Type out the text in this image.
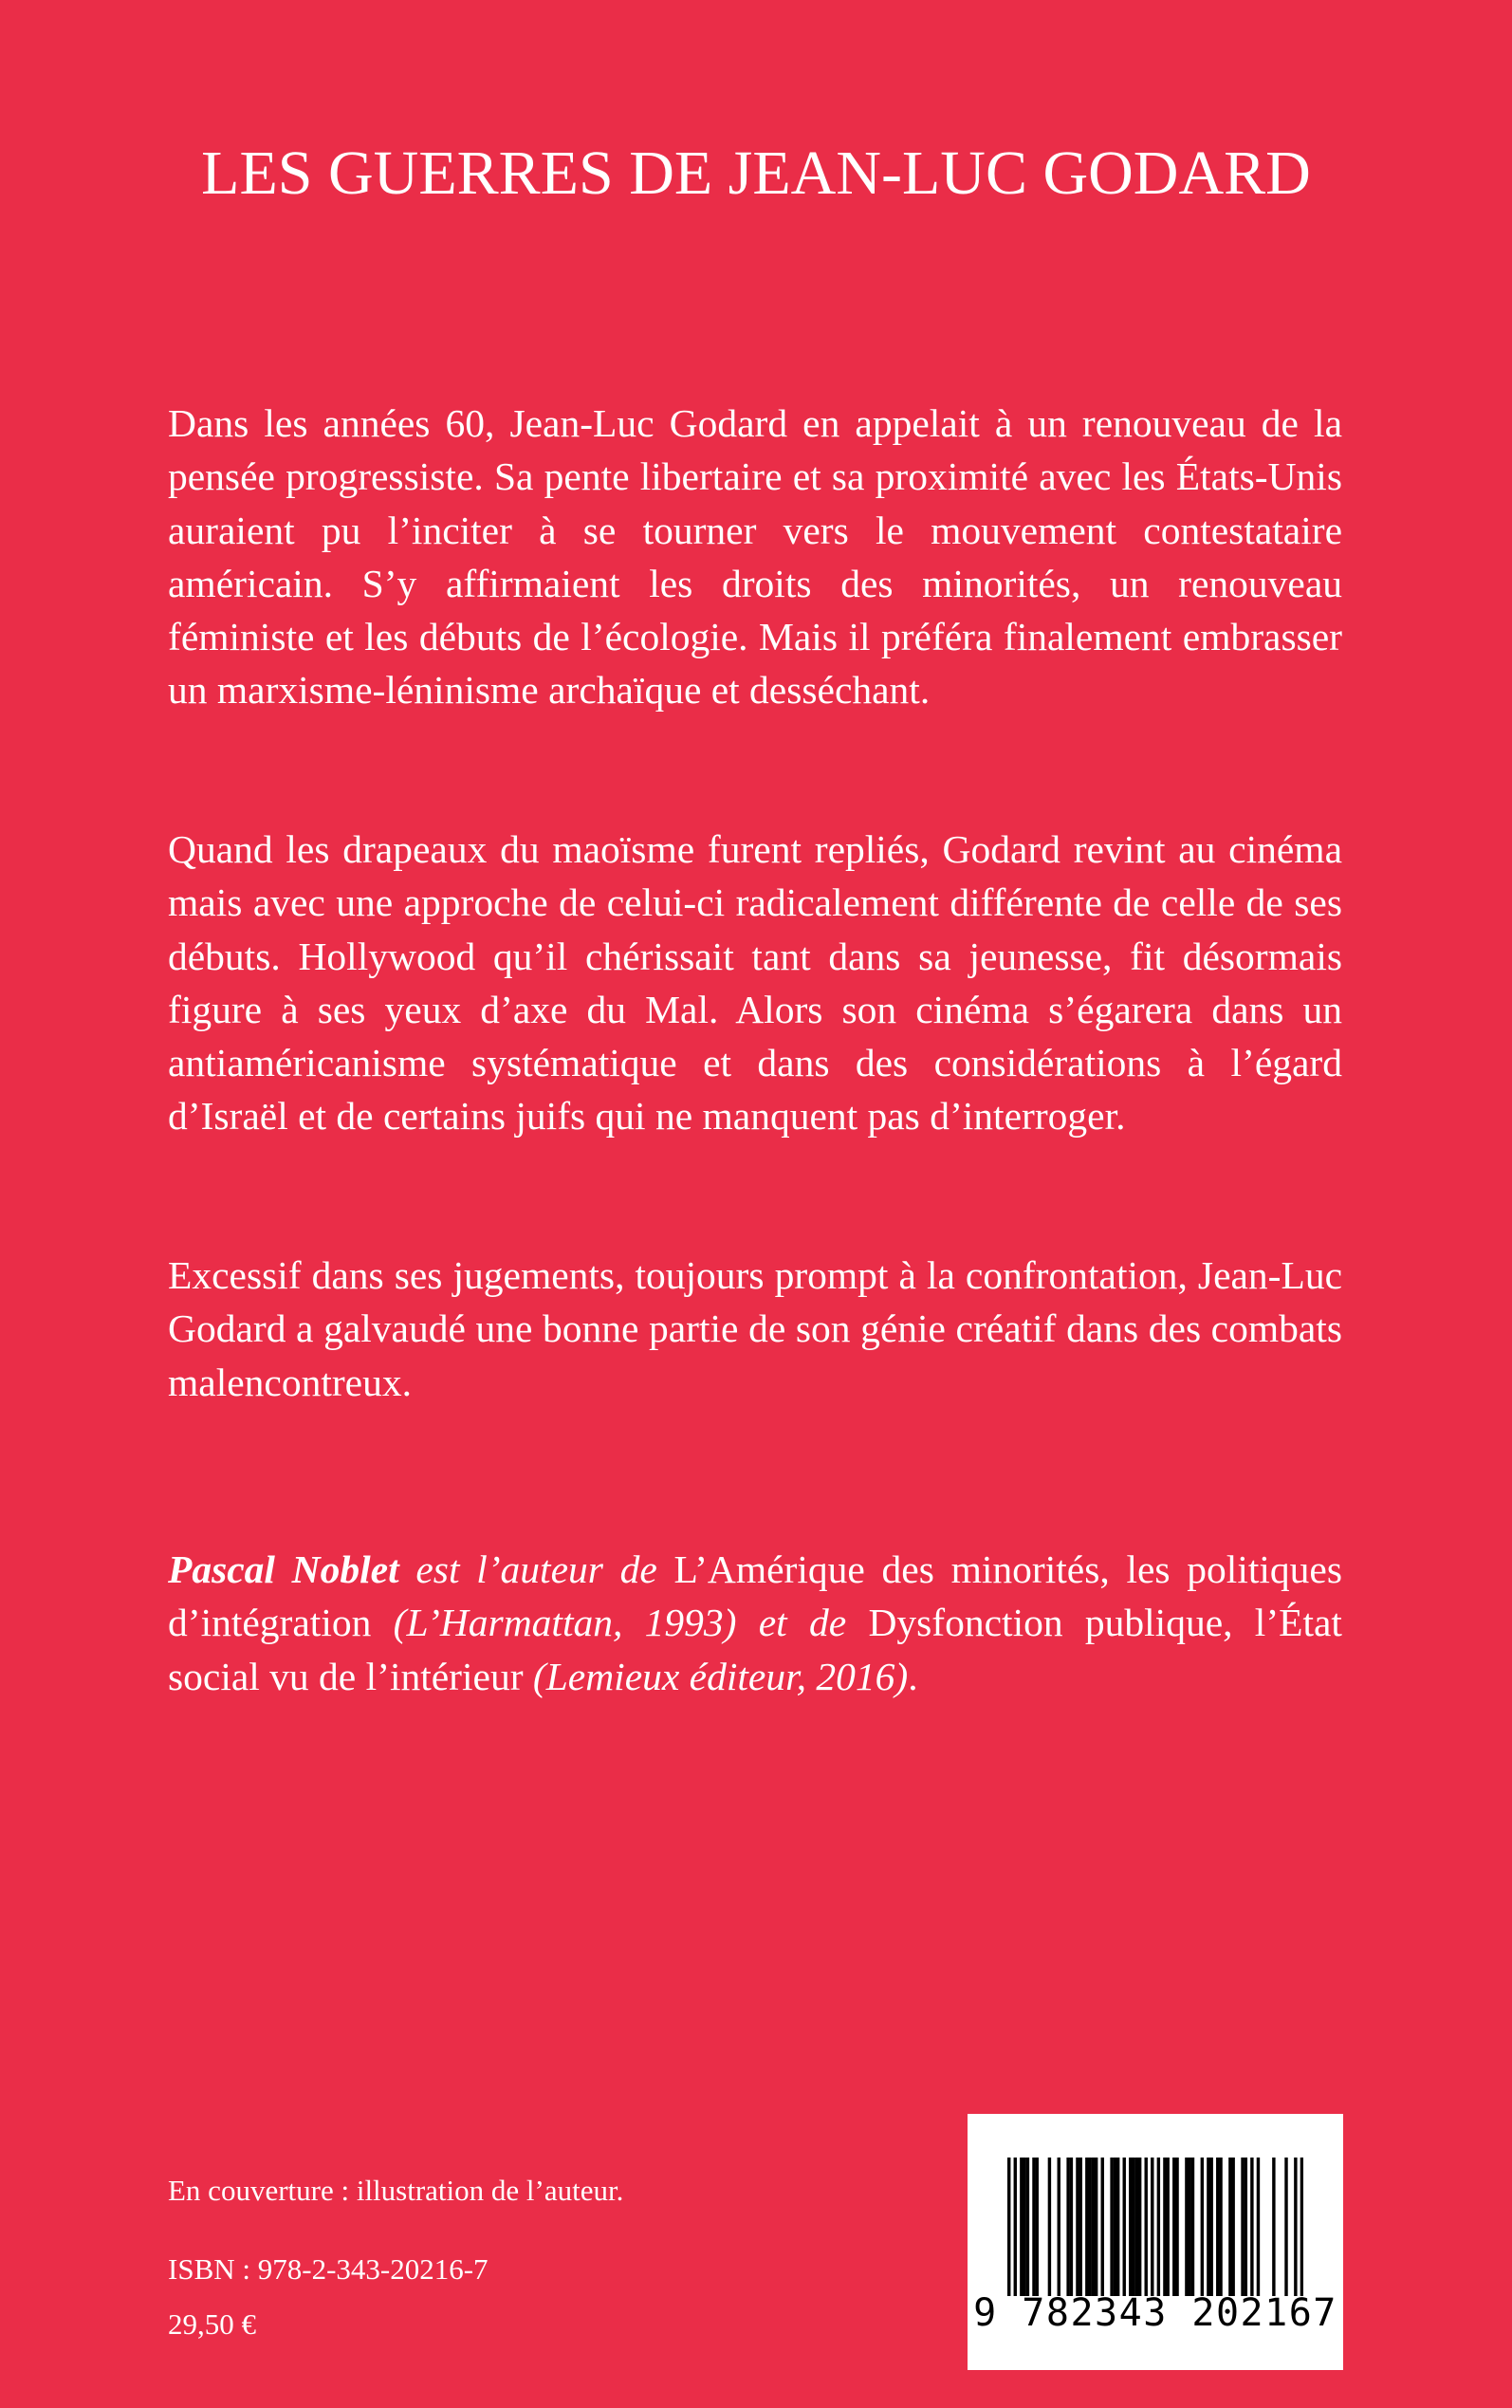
LES GUERRES DE JEAN-LUC GODARD

Dans les années 60, Jean-Luc Godard en appelait à un renouveau de la pensée progressiste. Sa pente libertaire et sa proximité avec les États-Unis auraient pu l’inciter à se tourner vers le mouvement contestataire américain. S’y affirmaient les droits des minorités, un renouveau féministe et les débuts de l’écologie. Mais il préféra finalement embrasser un marxisme-léninisme archaïque et desséchant.

Quand les drapeaux du maoïsme furent repliés, Godard revint au cinéma mais avec une approche de celui-ci radicalement différente de celle de ses débuts. Hollywood qu’il chérissait tant dans sa jeunesse, fit désormais figure à ses yeux d’axe du Mal. Alors son cinéma s’égarera dans un antiaméricanisme systématique et dans des considérations à l’égard d’Israël et de certains juifs qui ne manquent pas d’interroger.

Excessif dans ses jugements, toujours prompt à la confrontation, Jean-Luc Godard a galvaudé une bonne partie de son génie créatif dans des combats malencontreux.

Pascal Noblet est l’auteur de L’Amérique des minorités, les politiques d’intégration (L’Harmattan, 1993) et de Dysfonction publique, l’État social vu de l’intérieur (Lemieux éditeur, 2016).

En couverture : illustration de l’auteur.

ISBN : 978-2-343-20216-7

29,50 €	9 782343 202167
